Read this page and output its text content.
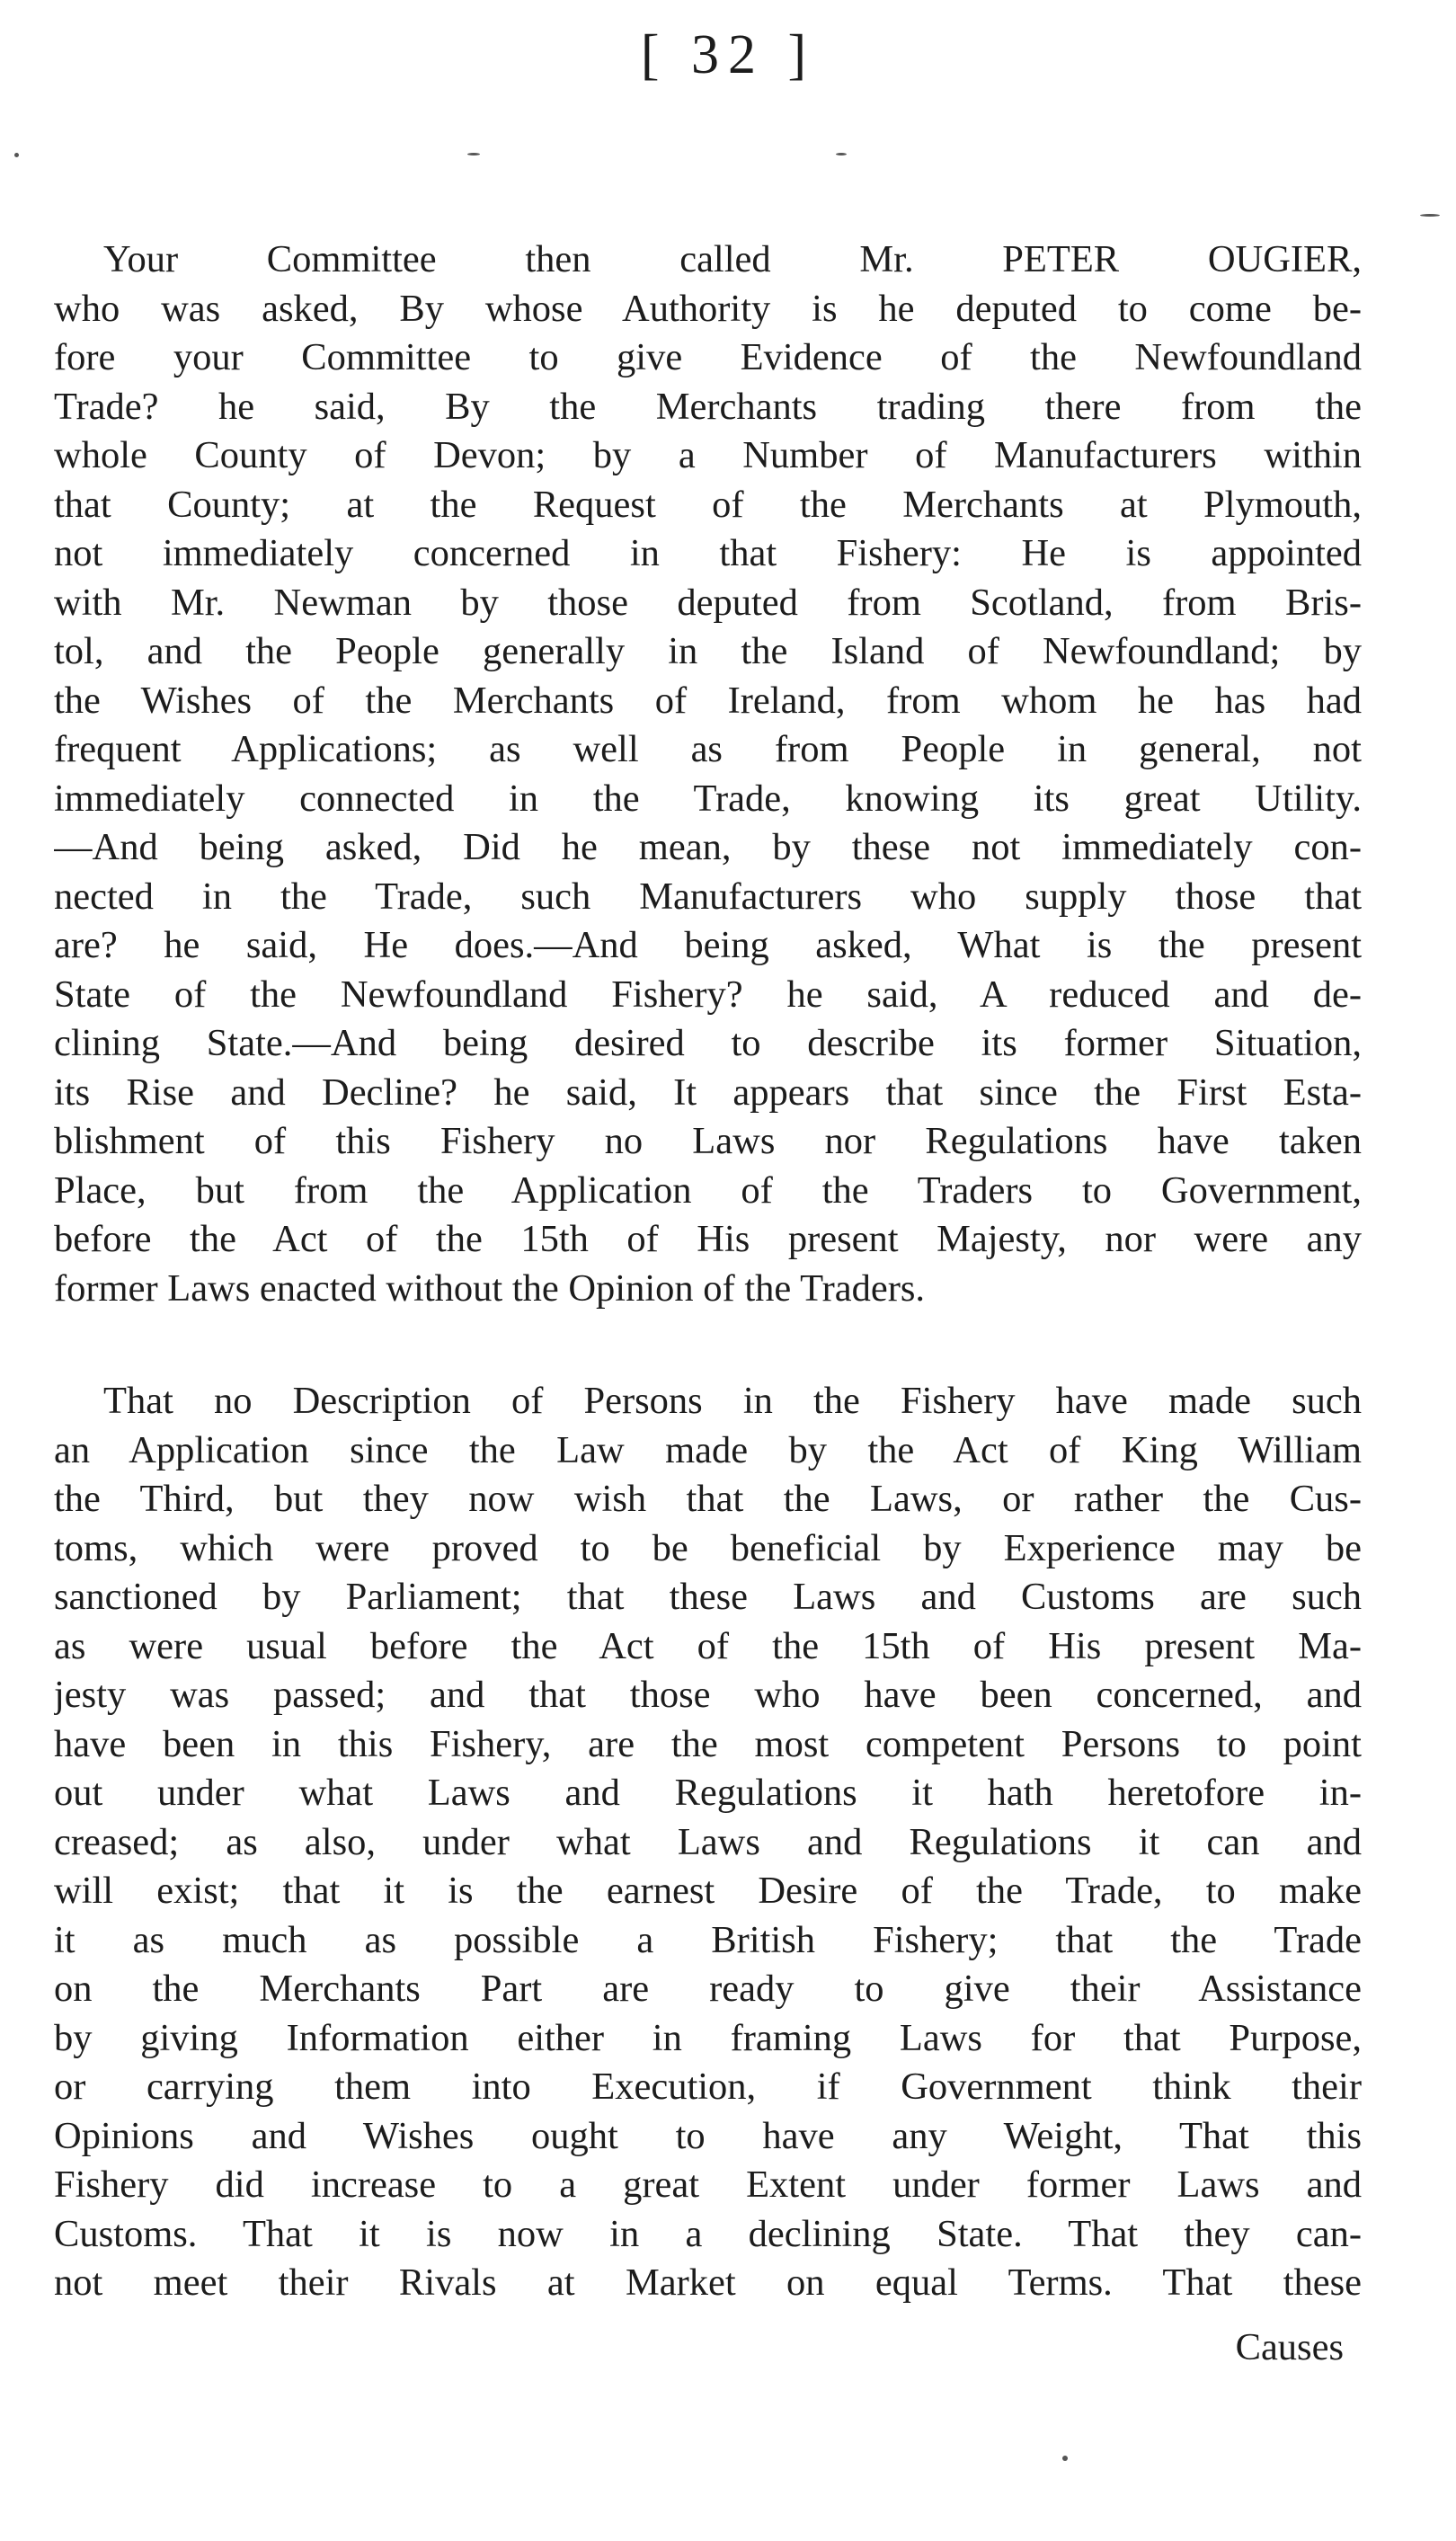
[ 32 ]
Your Committee then called Mr. PETER OUGIER,
who was asked, By whose Authority is he deputed to come be-
fore your Committee to give Evidence of the Newfoundland
Trade? he said, By the Merchants trading there from the
whole County of Devon; by a Number of Manufacturers within
that County; at the Request of the Merchants at Plymouth,
not immediately concerned in that Fishery: He is appointed
with Mr. Newman by those deputed from Scotland, from Bris-
tol, and the People generally in the Island of Newfoundland; by
the Wishes of the Merchants of Ireland, from whom he has had
frequent Applications; as well as from People in general, not
immediately connected in the Trade, knowing its great Utility.
—And being asked, Did he mean, by these not immediately con-
nected in the Trade, such Manufacturers who supply those that
are? he said, He does.—And being asked, What is the present
State of the Newfoundland Fishery? he said, A reduced and de-
clining State.—And being desired to describe its former Situation,
its Rise and Decline? he said, It appears that since the First Esta-
blishment of this Fishery no Laws nor Regulations have taken
Place, but from the Application of the Traders to Government,
before the Act of the 15th of His present Majesty, nor were any
former Laws enacted without the Opinion of the Traders.
That no Description of Persons in the Fishery have made such
an Application since the Law made by the Act of King William
the Third, but they now wish that the Laws, or rather the Cus-
toms, which were proved to be beneficial by Experience may be
sanctioned by Parliament; that these Laws and Customs are such
as were usual before the Act of the 15th of His present Ma-
jesty was passed; and that those who have been concerned, and
have been in this Fishery, are the most competent Persons to point
out under what Laws and Regulations it hath heretofore in-
creased; as also, under what Laws and Regulations it can and
will exist; that it is the earnest Desire of the Trade, to make
it as much as possible a British Fishery; that the Trade
on the Merchants Part are ready to give their Assistance
by giving Information either in framing Laws for that Purpose,
or carrying them into Execution, if Government think their
Opinions and Wishes ought to have any Weight, That this
Fishery did increase to a great Extent under former Laws and
Customs. That it is now in a declining State. That they can-
not meet their Rivals at Market on equal Terms. That these
Causes
